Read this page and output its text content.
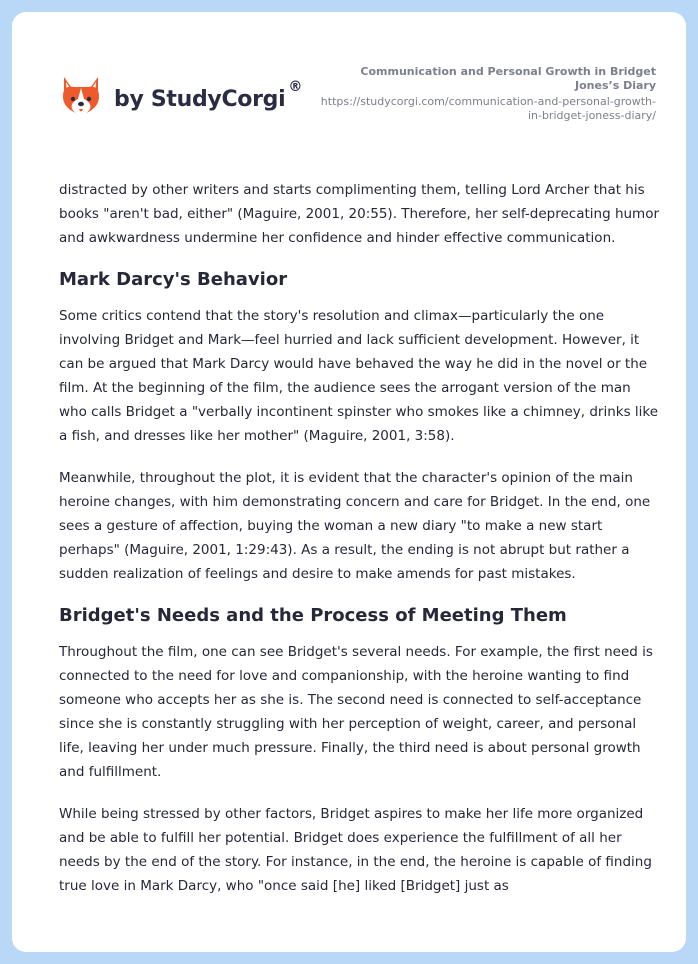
by StudyCorgi ®
Communication and Personal Growth in Bridget Jones’s Diary
https://studycorgi.com/communication-and-personal-growth-in-bridget-joness-diary/

distracted by other writers and starts complimenting them, telling Lord Archer that his books "aren't bad, either" (Maguire, 2001, 20:55). Therefore, her self-deprecating humor and awkwardness undermine her confidence and hinder effective communication.

Mark Darcy's Behavior

Some critics contend that the story's resolution and climax—particularly the one involving Bridget and Mark—feel hurried and lack sufficient development. However, it can be argued that Mark Darcy would have behaved the way he did in the novel or the film. At the beginning of the film, the audience sees the arrogant version of the man who calls Bridget a "verbally incontinent spinster who smokes like a chimney, drinks like a fish, and dresses like her mother" (Maguire, 2001, 3:58).

Meanwhile, throughout the plot, it is evident that the character's opinion of the main heroine changes, with him demonstrating concern and care for Bridget. In the end, one sees a gesture of affection, buying the woman a new diary "to make a new start perhaps" (Maguire, 2001, 1:29:43). As a result, the ending is not abrupt but rather a sudden realization of feelings and desire to make amends for past mistakes.

Bridget's Needs and the Process of Meeting Them

Throughout the film, one can see Bridget's several needs. For example, the first need is connected to the need for love and companionship, with the heroine wanting to find someone who accepts her as she is. The second need is connected to self-acceptance since she is constantly struggling with her perception of weight, career, and personal life, leaving her under much pressure. Finally, the third need is about personal growth and fulfillment.

While being stressed by other factors, Bridget aspires to make her life more organized and be able to fulfill her potential. Bridget does experience the fulfillment of all her needs by the end of the story. For instance, in the end, the heroine is capable of finding true love in Mark Darcy, who "once said [he] liked [Bridget] just as
